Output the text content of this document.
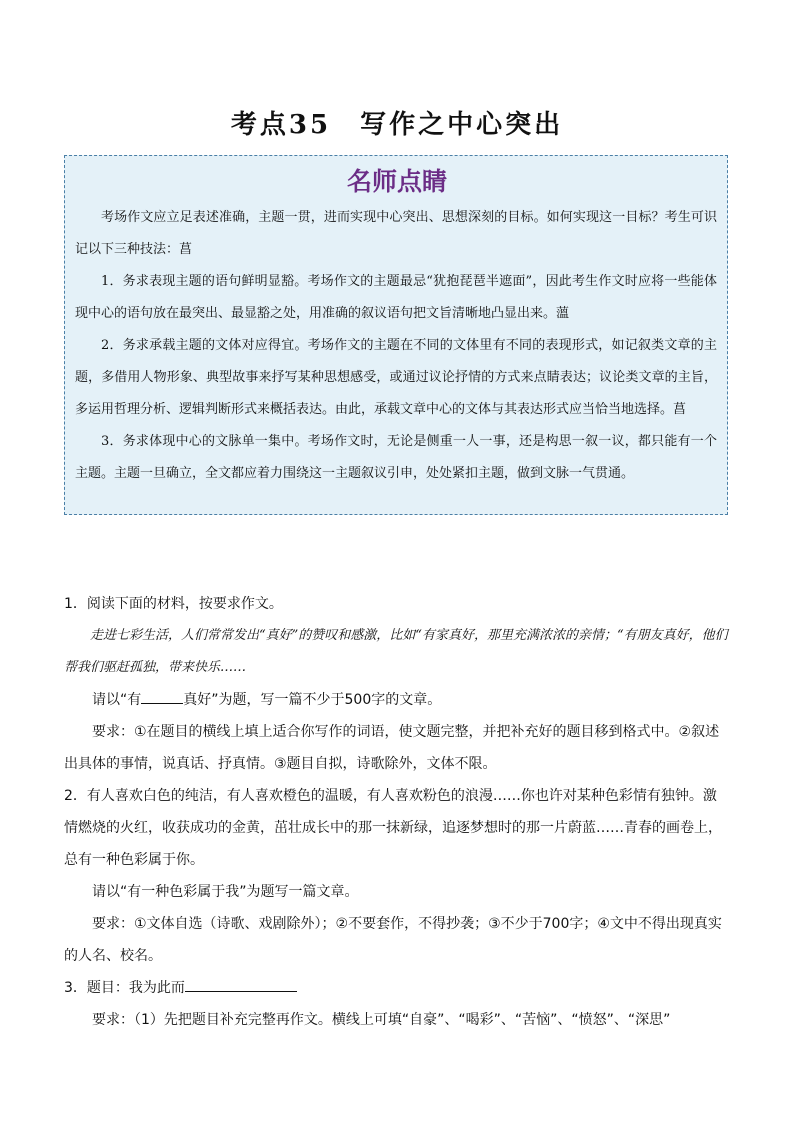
考点35　写作之中心突出
名师点睛

考场作文应立足表述准确，主题一贯，进而实现中心突出、思想深刻的目标。如何实现这一目标？考生可识记以下三种技法：菖

1．务求表现主题的语句鲜明显豁。考场作文的主题最忌“犹抱琵琶半遮面”，因此考生作文时应将一些能体现中心的语句放在最突出、最显豁之处，用准确的叙议语句把文旨清晰地凸显出来。薀

2．务求承载主题的文体对应得宜。考场作文的主题在不同的文体里有不同的表现形式，如记叙类文章的主题，多借用人物形象、典型故事来抒写某种思想感受，或通过议论抒情的方式来点睛表达；议论类文章的主旨，多运用哲理分析、逻辑判断形式来概括表达。由此，承载文章中心的文体与其表达形式应当恰当地选择。菖

3．务求体现中心的文脉单一集中。考场作文时，无论是侧重一人一事，还是构思一叙一议，都只能有一个主题。主题一旦确立，全文都应着力围绕这一主题叙议引申，处处紧扣主题，做到文脉一气贯通。

1．阅读下面的材料，按要求作文。

走进七彩生活，人们常常发出“真好”的赞叹和感激，比如“有家真好，那里充满浓浓的亲情；“有朋友真好，他们帮我们驱赶孤独，带来快乐……

请以“有	真好”为题，写一篇不少于500字的文章。

要求：①在题目的横线上填上适合你写作的词语，使文题完整，并把补充好的题目移到格式中。②叙述出具体的事情，说真话、抒真情。③题目自拟，诗歌除外，文体不限。

2．有人喜欢白色的纯洁，有人喜欢橙色的温暖，有人喜欢粉色的浪漫……你也许对某种色彩情有独钟。激情燃烧的火红，收获成功的金黄，茁壮成长中的那一抹新绿，追逐梦想时的那一片蔚蓝……青春的画卷上，总有一种色彩属于你。

请以“有一种色彩属于我”为题写一篇文章。

要求：①文体自选（诗歌、戏剧除外）；②不要套作，不得抄袭；③不少于700字；④文中不得出现真实的人名、校名。

3．题目：我为此而

要求：（1）先把题目补充完整再作文。横线上可填“自豪”、“喝彩”、“苦恼”、“愤怒”、“深思”
